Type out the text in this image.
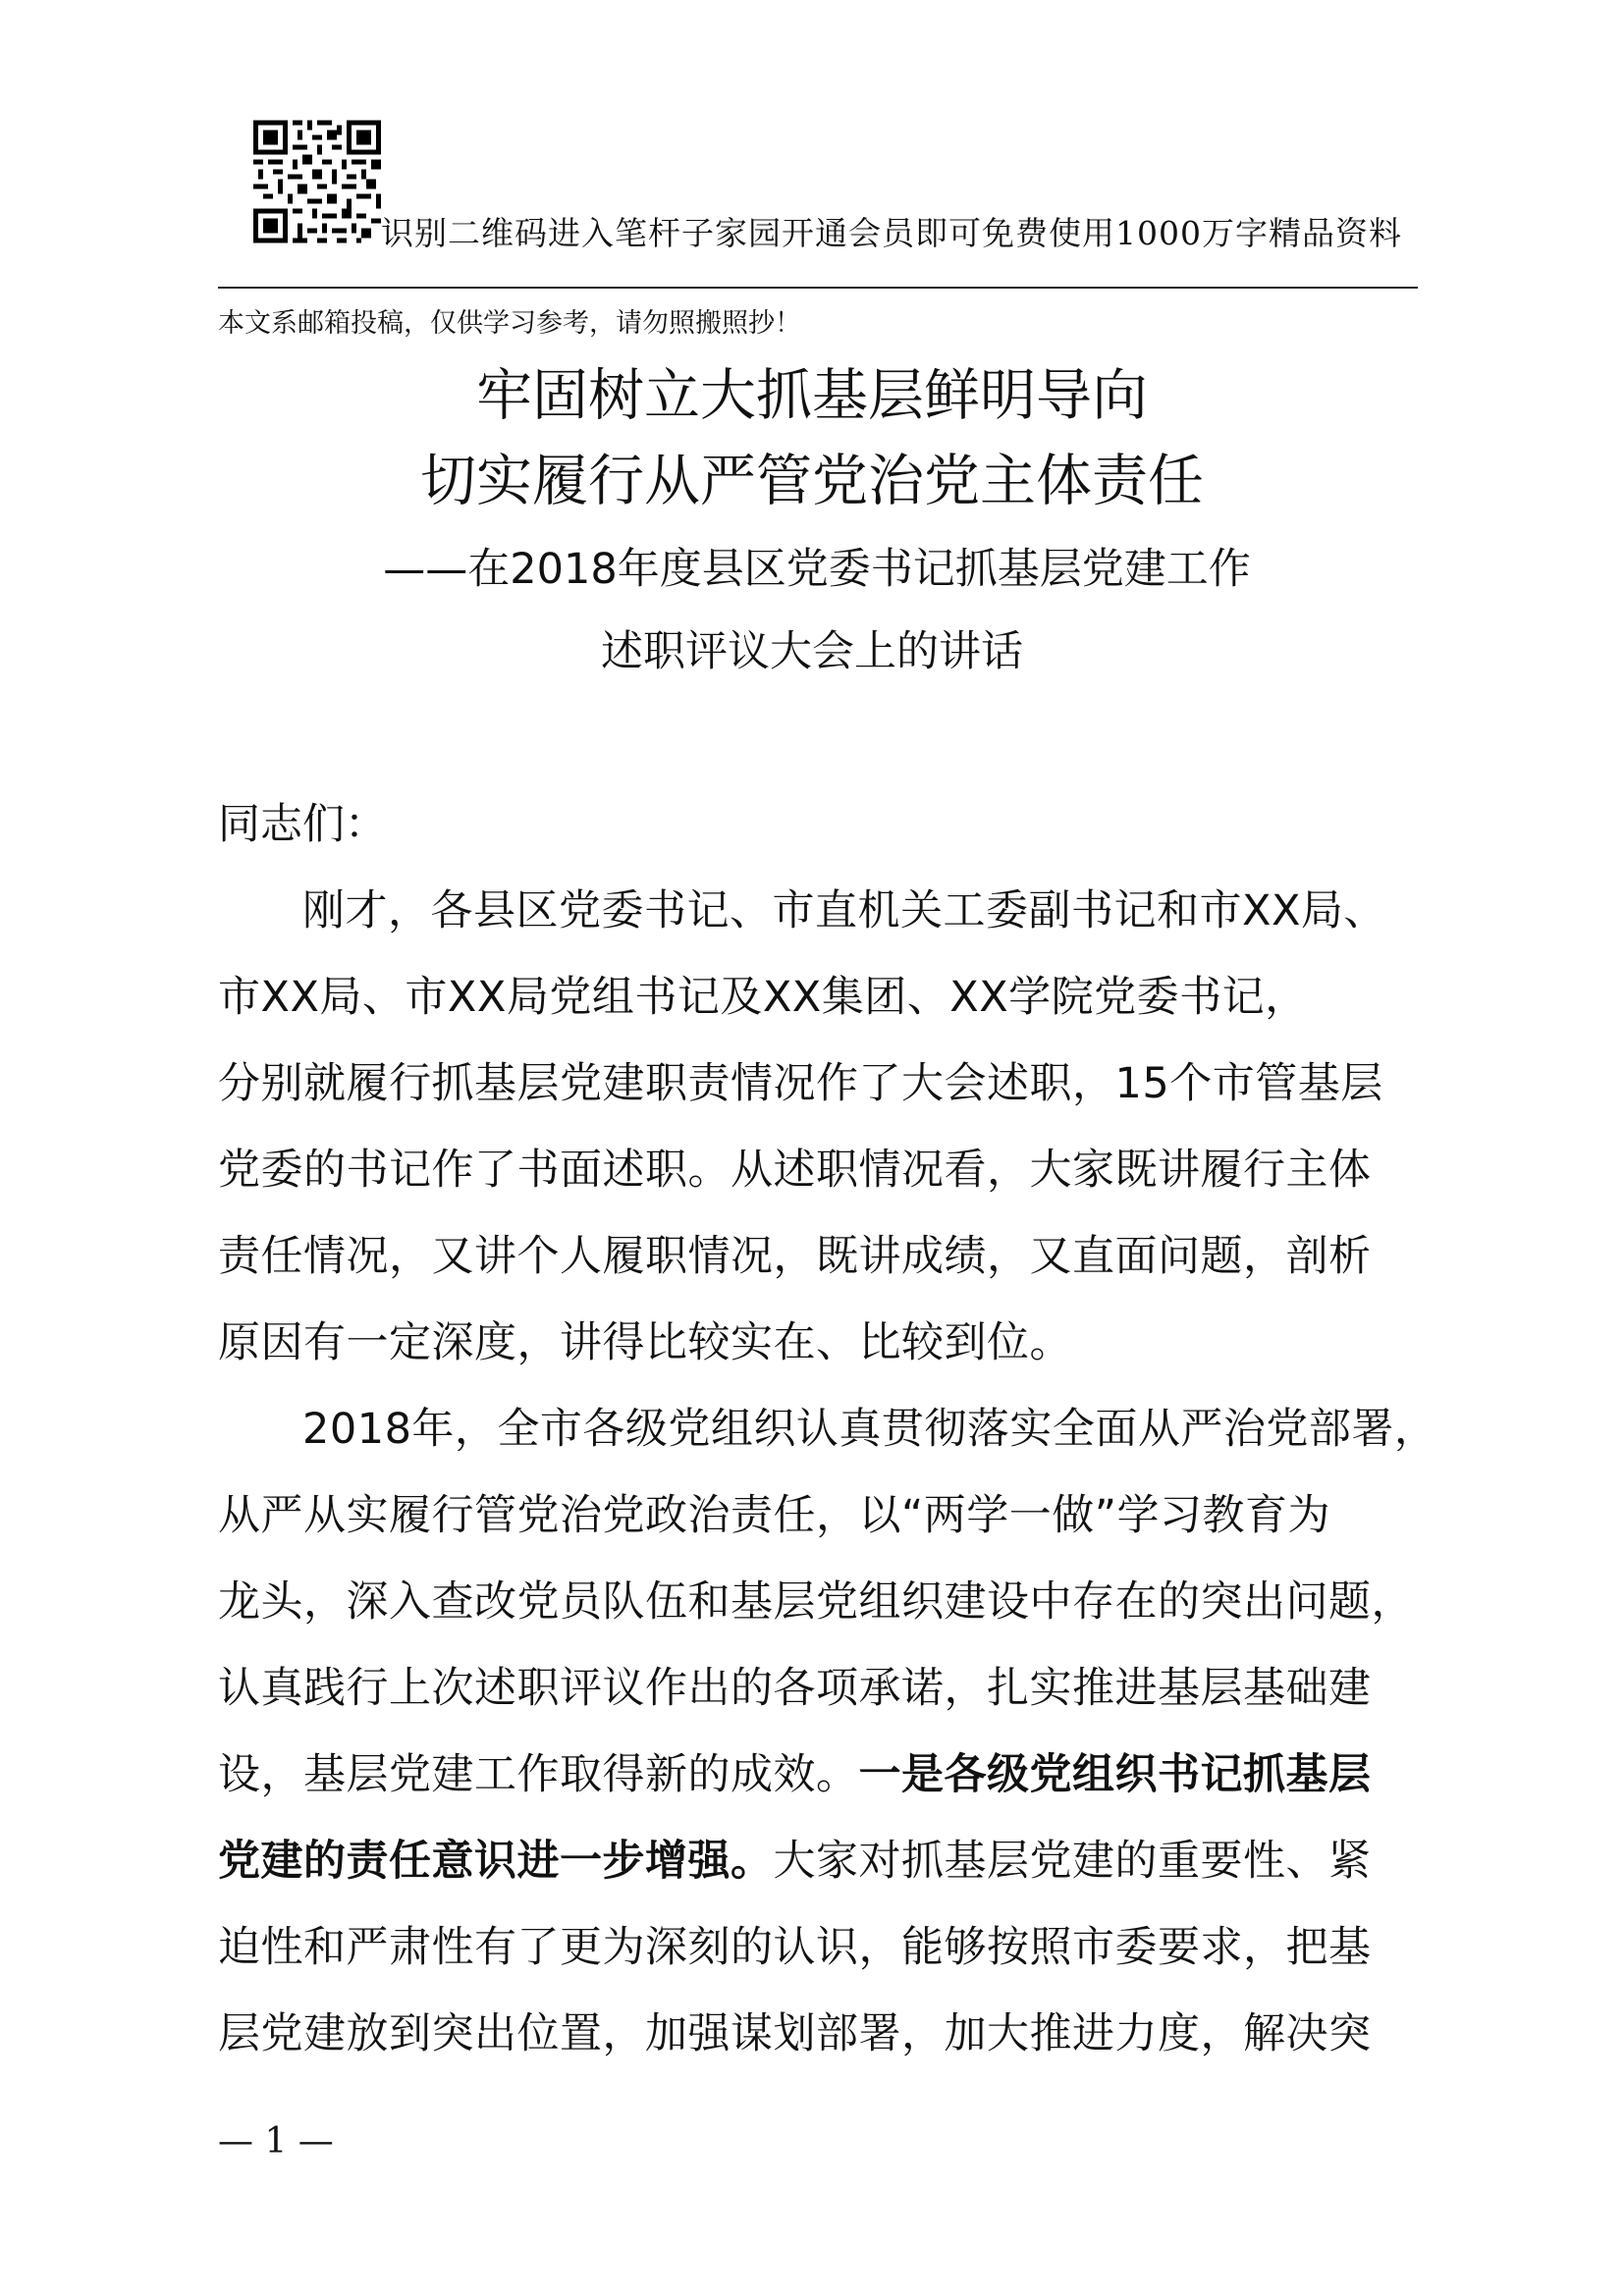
识别二维码进入笔杆子家园开通会员即可免费使用1000万字精品资料
本文系邮箱投稿，仅供学习参考，请勿照搬照抄！
牢固树立大抓基层鲜明导向
切实履行从严管党治党主体责任
——在2018年度县区党委书记抓基层党建工作
述职评议大会上的讲话
同志们：
刚才，各县区党委书记、市直机关工委副书记和市XX局、
市XX局、市XX局党组书记及XX集团、XX学院党委书记，
分别就履行抓基层党建职责情况作了大会述职，15个市管基层
党委的书记作了书面述职。从述职情况看，大家既讲履行主体
责任情况，又讲个人履职情况，既讲成绩，又直面问题，剖析
原因有一定深度，讲得比较实在、比较到位。
2018年，全市各级党组织认真贯彻落实全面从严治党部署，
从严从实履行管党治党政治责任，以“两学一做”学习教育为
龙头，深入查改党员队伍和基层党组织建设中存在的突出问题，
认真践行上次述职评议作出的各项承诺，扎实推进基层基础建
设，基层党建工作取得新的成效。一是各级党组织书记抓基层
党建的责任意识进一步增强。大家对抓基层党建的重要性、紧
迫性和严肃性有了更为深刻的认识，能够按照市委要求，把基
层党建放到突出位置，加强谋划部署，加大推进力度，解决突
— 1 —
